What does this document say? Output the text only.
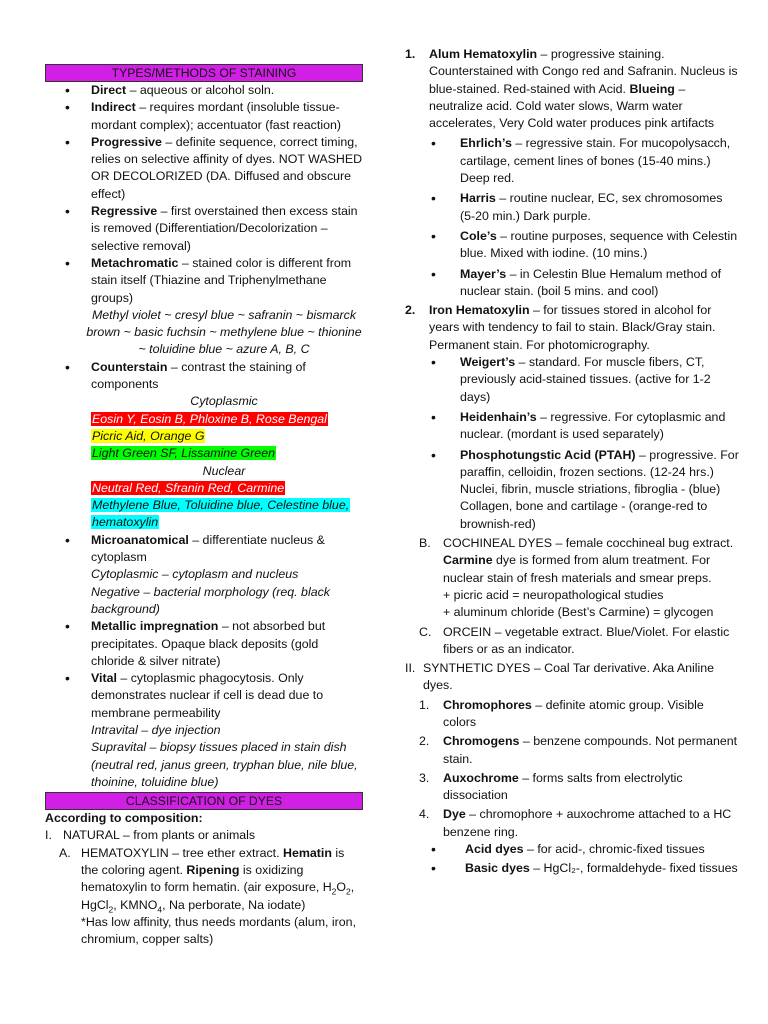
TYPES/METHODS OF STAINING
• Direct – aqueous or alcohol soln.
• Indirect – requires mordant (insoluble tissue-mordant complex); accentuator (fast reaction)
• Progressive – definite sequence, correct timing, relies on selective affinity of dyes. NOT WASHED OR DECOLORIZED (DA. Diffused and obscure effect)
• Regressive – first overstained then excess stain is removed (Differentiation/Decolorization – selective removal)
• Metachromatic – stained color is different from stain itself (Thiazine and Triphenylmethane groups)
Methyl violet ~ cresyl blue ~ safranin ~ bismarck brown ~ basic fuchsin ~ methylene blue ~ thionine ~ toluidine blue ~ azure A, B, C
• Counterstain – contrast the staining of components
Cytoplasmic
Eosin Y, Eosin B, Phloxine B, Rose Bengal
Picric Aid, Orange G
Light Green SF, Lissamine Green
Nuclear
Neutral Red, Sfranin Red, Carmine
Methylene Blue, Toluidine blue, Celestine blue, hematoxylin
• Microanatomical – differentiate nucleus & cytoplasm
Cytoplasmic – cytoplasm and nucleus
Negative – bacterial morphology (req. black background)
• Metallic impregnation – not absorbed but precipitates. Opaque black deposits (gold chloride & silver nitrate)
• Vital – cytoplasmic phagocytosis. Only demonstrates nuclear if cell is dead due to membrane permeability
Intravital – dye injection
Supravital – biopsy tissues placed in stain dish (neutral red, janus green, tryphan blue, nile blue, thoinine, toluidine blue)
CLASSIFICATION OF DYES
According to composition:
I. NATURAL – from plants or animals
A. HEMATOXYLIN – tree ether extract. Hematin is the coloring agent. Ripening is oxidizing hematoxylin to form hematin. (air exposure, $H_2O_2$, HgCl$_2$, $KMNO_4$, Na perborate, Na iodate)
*Has low affinity, thus needs mordants (alum, iron, chromium, copper salts)
1. Alum Hematoxylin – progressive staining. Counterstained with Congo red and Safranin. Nucleus is blue-stained. Red-stained with Acid. Blueing – neutralize acid. Cold water slows, Warm water accelerates, Very Cold water produces pink artifacts
• Ehrlich’s – regressive stain. For mucopolysacch, cartilage, cement lines of bones (15-40 mins.) Deep red.
• Harris – routine nuclear, EC, sex chromosomes (5-20 min.) Dark purple.
• Cole’s – routine purposes, sequence with Celestin blue. Mixed with iodine. (10 mins.)
• Mayer’s – in Celestin Blue Hemalum method of nuclear stain. (boil 5 mins. and cool)
2. Iron Hematoxylin – for tissues stored in alcohol for years with tendency to fail to stain. Black/Gray stain. Permanent stain. For photomicrography.
• Weigert’s – standard. For muscle fibers, CT, previously acid-stained tissues. (active for 1-2 days)
• Heidenhain’s – regressive. For cytoplasmic and nuclear. (mordant is used separately)
• Phosphotungstic Acid (PTAH) – progressive. For paraffin, celloidin, frozen sections. (12-24 hrs.) Nuclei, fibrin, muscle striations, fibroglia - (blue) Collagen, bone and cartilage - (orange-red to brownish-red)
B. COCHINEAL DYES – female cocchineal bug extract. Carmine dye is formed from alum treatment. For nuclear stain of fresh materials and smear preps.
+ picric acid = neuropathological studies
+ aluminum chloride (Best’s Carmine) = glycogen
C. ORCEIN – vegetable extract. Blue/Violet. For elastic fibers or as an indicator.
II. SYNTHETIC DYES – Coal Tar derivative. Aka Aniline dyes.
1. Chromophores – definite atomic group. Visible colors
2. Chromogens – benzene compounds. Not permanent stain.
3. Auxochrome – forms salts from electrolytic dissociation
4. Dye – chromophore + auxochrome attached to a HC benzene ring.
• Acid dyes – for acid-, chromic-fixed tissues
• Basic dyes – HgCl₂-, formaldehyde- fixed tissues
